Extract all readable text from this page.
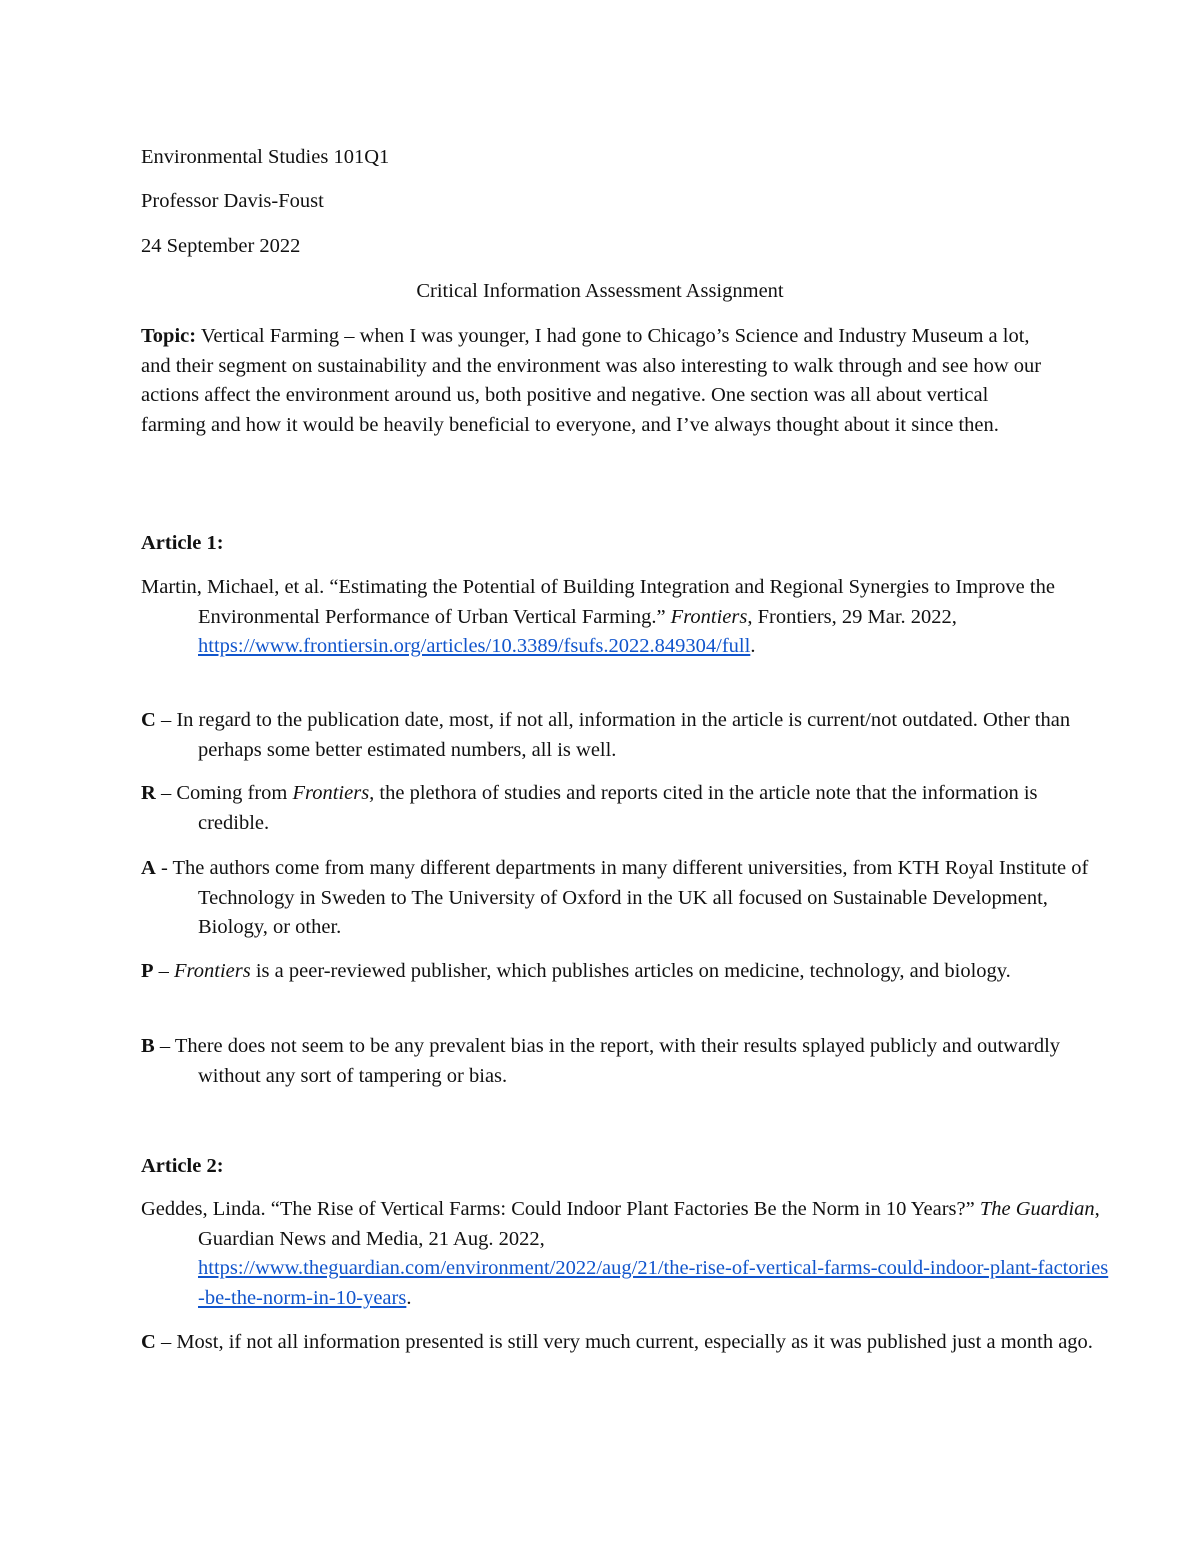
Environmental Studies 101Q1
Professor Davis-Foust
24 September 2022
Critical Information Assessment Assignment
Topic: Vertical Farming – when I was younger, I had gone to Chicago’s Science and Industry Museum a lot, and their segment on sustainability and the environment was also interesting to walk through and see how our actions affect the environment around us, both positive and negative. One section was all about vertical farming and how it would be heavily beneficial to everyone, and I’ve always thought about it since then.
Article 1:
Martin, Michael, et al. “Estimating the Potential of Building Integration and Regional Synergies to Improve the Environmental Performance of Urban Vertical Farming.” Frontiers, Frontiers, 29 Mar. 2022,
https://www.frontiersin.org/articles/10.3389/fsufs.2022.849304/full.
C – In regard to the publication date, most, if not all, information in the article is current/not outdated. Other than perhaps some better estimated numbers, all is well.
R – Coming from Frontiers, the plethora of studies and reports cited in the article note that the information is credible.
A - The authors come from many different departments in many different universities, from KTH Royal Institute of Technology in Sweden to The University of Oxford in the UK all focused on Sustainable Development, Biology, or other.
P – Frontiers is a peer-reviewed publisher, which publishes articles on medicine, technology, and biology.
B – There does not seem to be any prevalent bias in the report, with their results splayed publicly and outwardly without any sort of tampering or bias.
Article 2:
Geddes, Linda. “The Rise of Vertical Farms: Could Indoor Plant Factories Be the Norm in 10 Years?” The Guardian, Guardian News and Media, 21 Aug. 2022,
https://www.theguardian.com/environment/2022/aug/21/the-rise-of-vertical-farms-could-indoor-plant-factories-be-the-norm-in-10-years.
C – Most, if not all information presented is still very much current, especially as it was published just a month ago.
